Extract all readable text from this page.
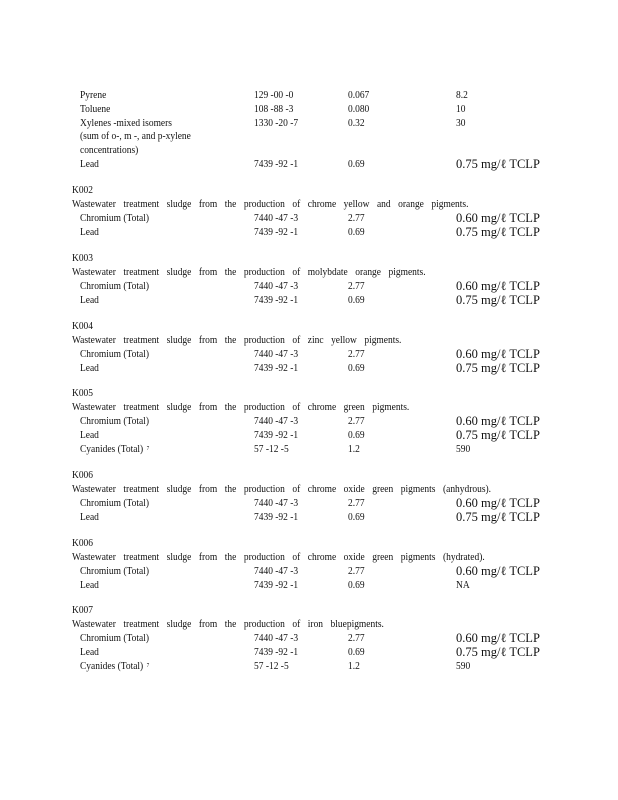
Pyrene	129 -00 -0	0.067	8.2
Toluene	108 -88 -3	0.080	10
Xylenes -mixed isomers	1330 -20 -7	0.32	30
(sum of o-, m -, and p-xylene
concentrations)
Lead	7439 -92 -1	0.69	0.75 mg/ℓ TCLP
K002
Wastewater treatment sludge from the production of chrome yellow and orange pigments.
Chromium (Total)	7440 -47 -3	2.77	0.60 mg/ℓ TCLP
Lead	7439 -92 -1	0.69	0.75 mg/ℓ TCLP
K003
Wastewater treatment sludge from the production of molybdate orange pigments.
Chromium (Total)	7440 -47 -3	2.77	0.60 mg/ℓ TCLP
Lead	7439 -92 -1	0.69	0.75 mg/ℓ TCLP
K004
Wastewater treatment sludge from the production of zinc yellow pigments.
Chromium (Total)	7440 -47 -3	2.77	0.60 mg/ℓ TCLP
Lead	7439 -92 -1	0.69	0.75 mg/ℓ TCLP
K005
Wastewater treatment sludge from the production of chrome green pigments.
Chromium (Total)	7440 -47 -3	2.77	0.60 mg/ℓ TCLP
Lead	7439 -92 -1	0.69	0.75 mg/ℓ TCLP
Cyanides (Total) $^7$	57 -12 -5	1.2	590
K006
Wastewater treatment sludge from the production of chrome oxide green pigments (anhydrous).
Chromium (Total)	7440 -47 -3	2.77	0.60 mg/ℓ TCLP
Lead	7439 -92 -1	0.69	0.75 mg/ℓ TCLP
K006
Wastewater treatment sludge from the production of chrome oxide green pigments (hydrated).
Chromium (Total)	7440 -47 -3	2.77	0.60 mg/ℓ TCLP
Lead	7439 -92 -1	0.69	NA
K007
Wastewater treatment sludge from the production of iron bluepigments.
Chromium (Total)	7440 -47 -3	2.77	0.60 mg/ℓ TCLP
Lead	7439 -92 -1	0.69	0.75 mg/ℓ TCLP
Cyanides (Total) $^7$	57 -12 -5	1.2	590
